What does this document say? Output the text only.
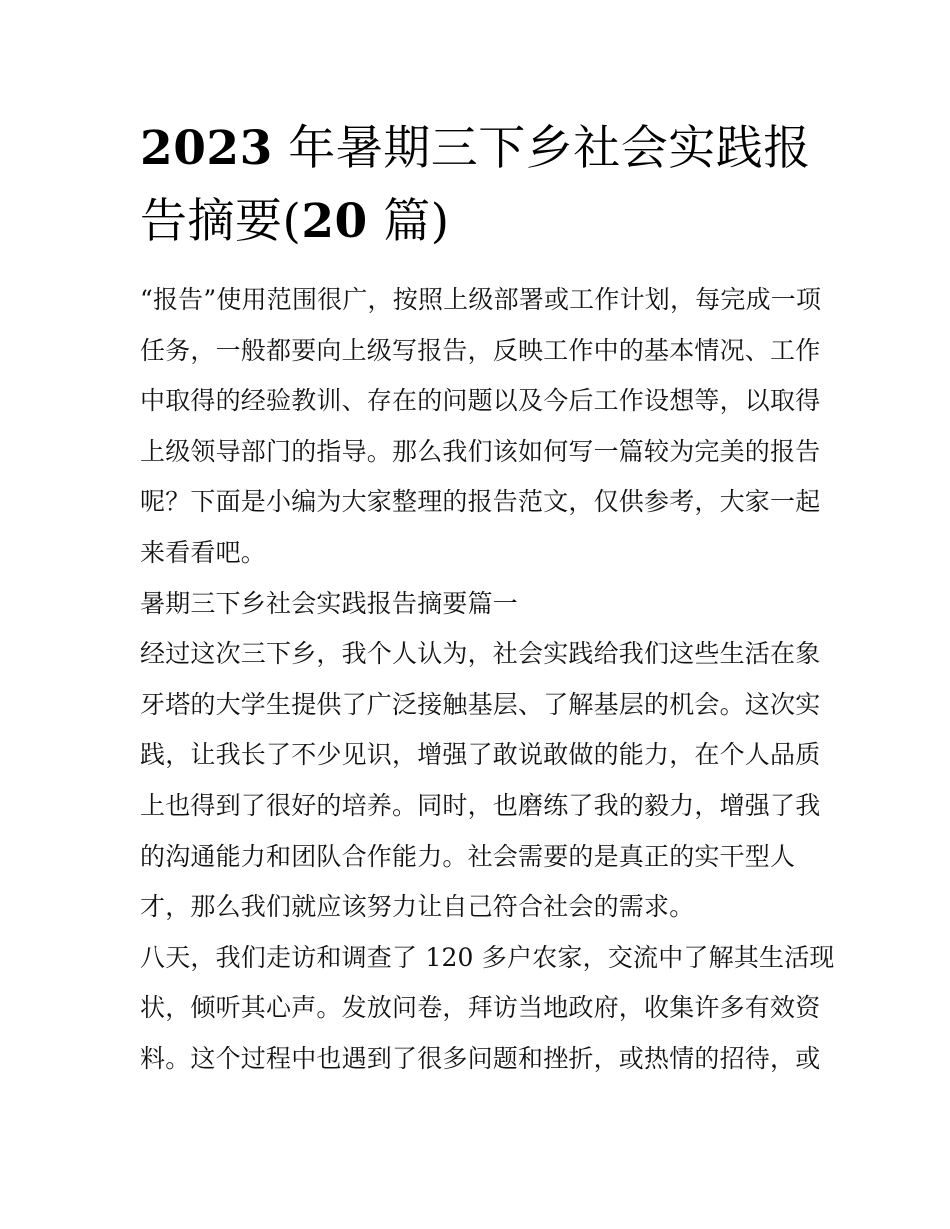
2023 年暑期三下乡社会实践报
告摘要(20 篇)
“报告”使用范围很广，按照上级部署或工作计划，每完成一项
任务，一般都要向上级写报告，反映工作中的基本情况、工作
中取得的经验教训、存在的问题以及今后工作设想等，以取得
上级领导部门的指导。那么我们该如何写一篇较为完美的报告
呢？下面是小编为大家整理的报告范文，仅供参考，大家一起
来看看吧。
暑期三下乡社会实践报告摘要篇一
经过这次三下乡，我个人认为，社会实践给我们这些生活在象
牙塔的大学生提供了广泛接触基层、了解基层的机会。这次实
践，让我长了不少见识，增强了敢说敢做的能力，在个人品质
上也得到了很好的培养。同时，也磨练了我的毅力，增强了我
的沟通能力和团队合作能力。社会需要的是真正的实干型人
才，那么我们就应该努力让自己符合社会的需求。
八天，我们走访和调查了 120 多户农家，交流中了解其生活现
状，倾听其心声。发放问卷，拜访当地政府，收集许多有效资
料。这个过程中也遇到了很多问题和挫折，或热情的招待，或
